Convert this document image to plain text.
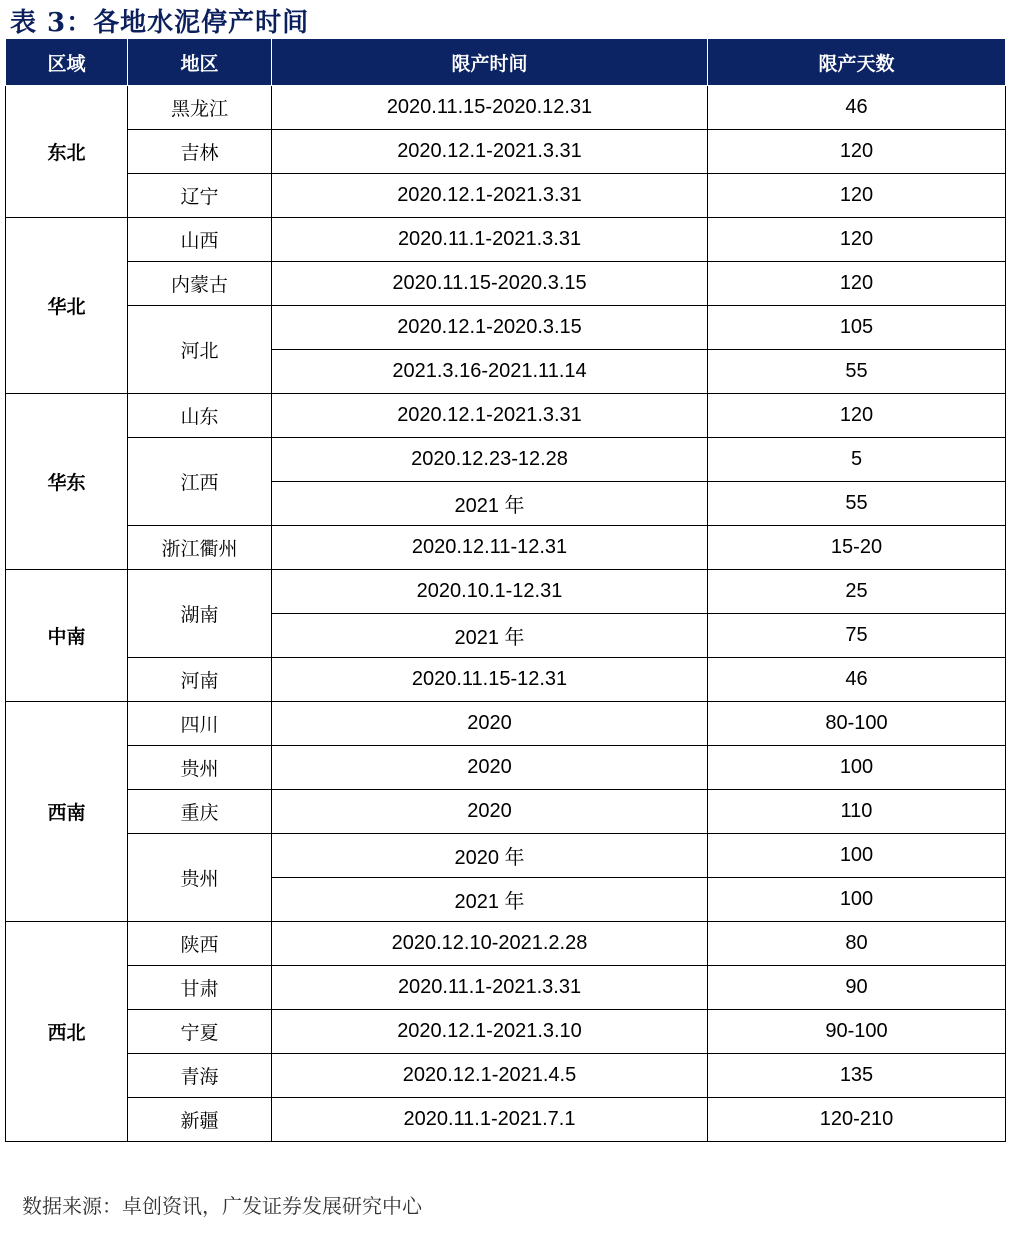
表 3：各地水泥停产时间
区域	地区	限产时间	限产天数
东北	黑龙江	2020.11.15-2020.12.31	46
	吉林	2020.12.1-2021.3.31	120
	辽宁	2020.12.1-2021.3.31	120
华北	山西	2020.11.1-2021.3.31	120
	内蒙古	2020.11.15-2020.3.15	120
	河北	2020.12.1-2020.3.15	105
		2021.3.16-2021.11.14	55
华东	山东	2020.12.1-2021.3.31	120
	江西	2020.12.23-12.28	5
		2021 年	55
	浙江衢州	2020.12.11-12.31	15-20
中南	湖南	2020.10.1-12.31	25
		2021 年	75
	河南	2020.11.15-12.31	46
西南	四川	2020	80-100
	贵州	2020	100
	重庆	2020	110
	贵州	2020 年	100
		2021 年	100
西北	陕西	2020.12.10-2021.2.28	80
	甘肃	2020.11.1-2021.3.31	90
	宁夏	2020.12.1-2021.3.10	90-100
	青海	2020.12.1-2021.4.5	135
	新疆	2020.11.1-2021.7.1	120-210
数据来源：卓创资讯，广发证券发展研究中心
